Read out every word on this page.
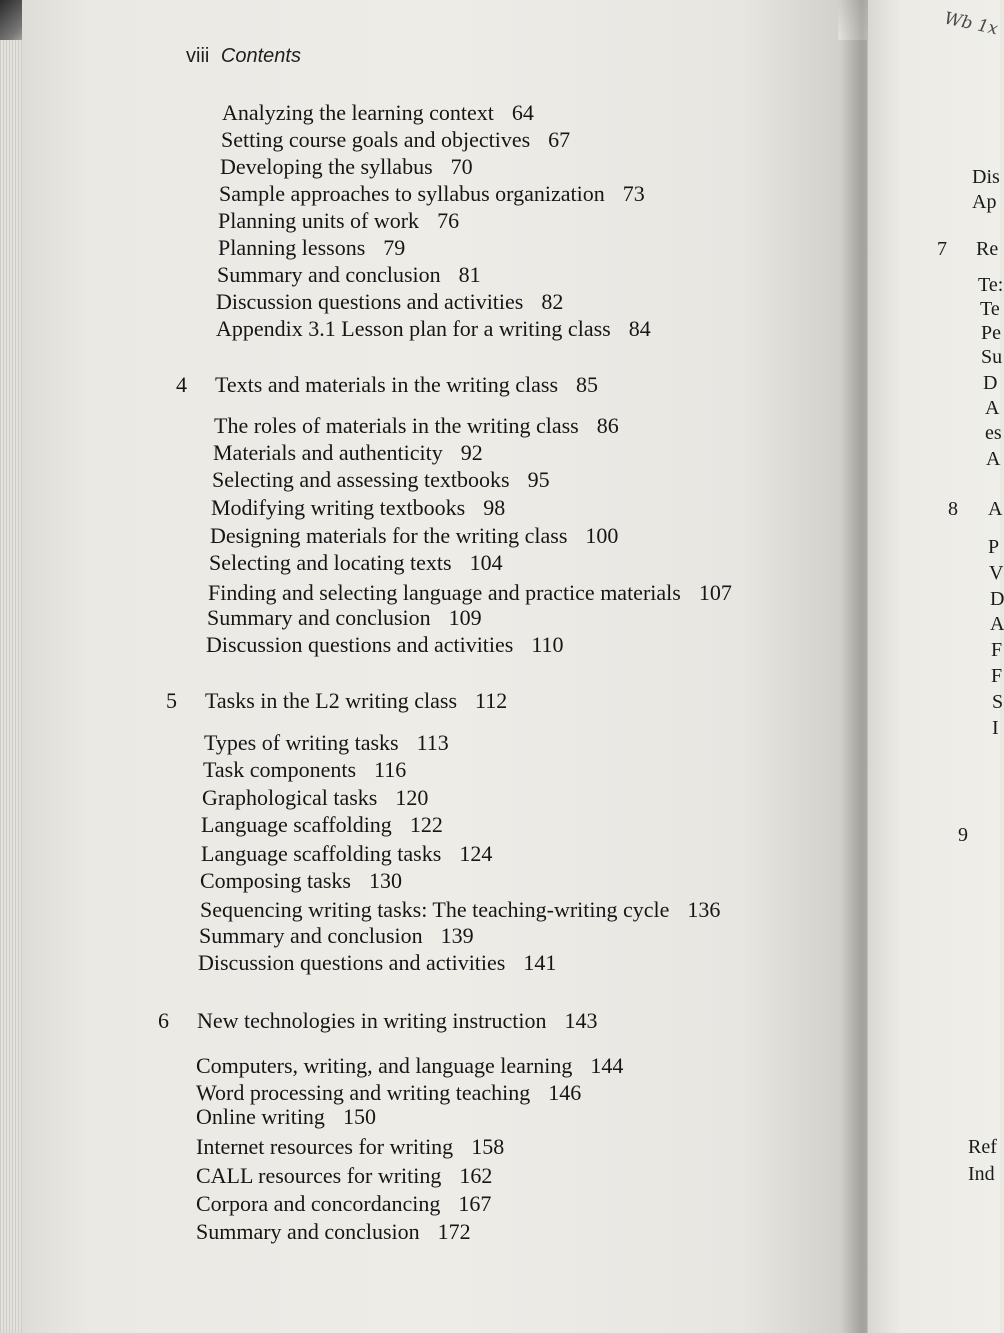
Wb 1x
viii Contents
Analyzing the learning context 64
Setting course goals and objectives 67
Developing the syllabus 70
Sample approaches to syllabus organization 73
Planning units of work 76
Planning lessons 79
Summary and conclusion 81
Discussion questions and activities 82
Appendix 3.1 Lesson plan for a writing class 84
4 Texts and materials in the writing class 85
The roles of materials in the writing class 86
Materials and authenticity 92
Selecting and assessing textbooks 95
Modifying writing textbooks 98
Designing materials for the writing class 100
Selecting and locating texts 104
Finding and selecting language and practice materials 107
Summary and conclusion 109
Discussion questions and activities 110
5 Tasks in the L2 writing class 112
Types of writing tasks 113
Task components 116
Graphological tasks 120
Language scaffolding 122
Language scaffolding tasks 124
Composing tasks 130
Sequencing writing tasks: The teaching-writing cycle 136
Summary and conclusion 139
Discussion questions and activities 141
6 New technologies in writing instruction 143
Computers, writing, and language learning 144
Word processing and writing teaching 146
Online writing 150
Internet resources for writing 158
CALL resources for writing 162
Corpora and concordancing 167
Summary and conclusion 172
Dis
Ap
7 Re
Te:
Te
Pe
Su
D
A
es
A
8 A
P
V
D
A
F
F
S
I
9
Ref
Ind
